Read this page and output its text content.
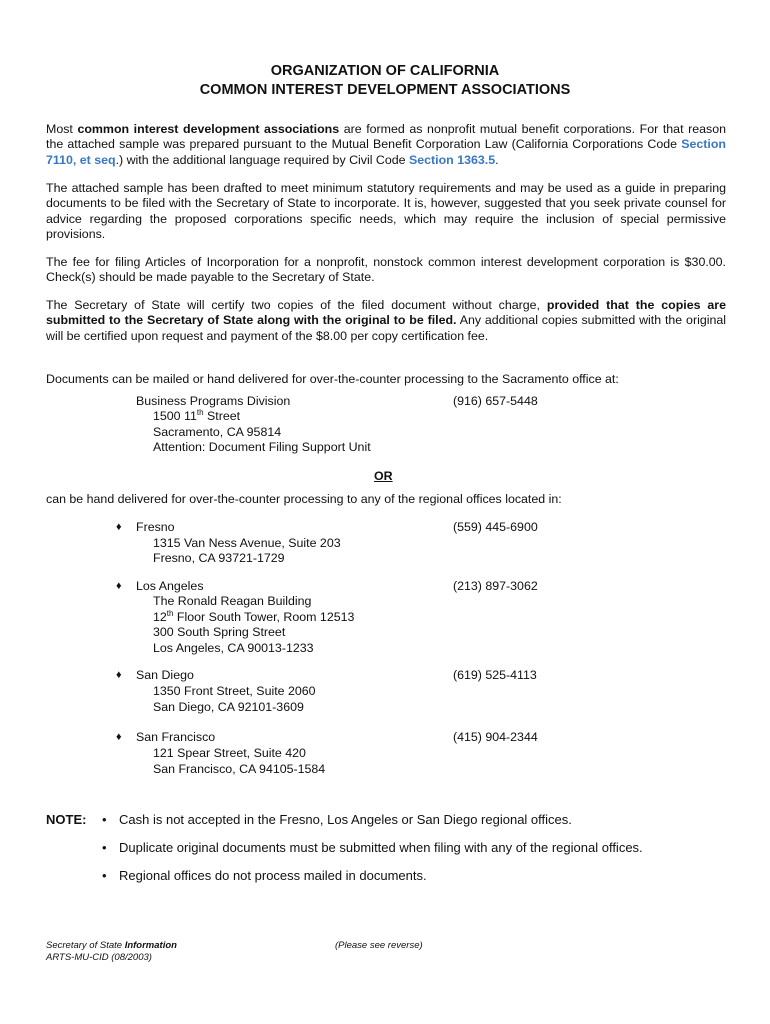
ORGANIZATION OF CALIFORNIA
COMMON INTEREST DEVELOPMENT ASSOCIATIONS

Most common interest development associations are formed as nonprofit mutual benefit corporations. For that reason the attached sample was prepared pursuant to the Mutual Benefit Corporation Law (California Corporations Code Section 7110, et seq.) with the additional language required by Civil Code Section 1363.5.

The attached sample has been drafted to meet minimum statutory requirements and may be used as a guide in preparing documents to be filed with the Secretary of State to incorporate. It is, however, suggested that you seek private counsel for advice regarding the proposed corporations specific needs, which may require the inclusion of special permissive provisions.

The fee for filing Articles of Incorporation for a nonprofit, nonstock common interest development corporation is $30.00. Check(s) should be made payable to the Secretary of State.

The Secretary of State will certify two copies of the filed document without charge, provided that the copies are submitted to the Secretary of State along with the original to be filed. Any additional copies submitted with the original will be certified upon request and payment of the $8.00 per copy certification fee.

Documents can be mailed or hand delivered for over-the-counter processing to the Sacramento office at:
Business Programs Division	(916) 657-5448
1500 11th Street
Sacramento, CA 95814
Attention: Document Filing Support Unit
OR
can be hand delivered for over-the-counter processing to any of the regional offices located in:
♦ Fresno	(559) 445-6900
1315 Van Ness Avenue, Suite 203
Fresno, CA 93721-1729
♦ Los Angeles	(213) 897-3062
The Ronald Reagan Building
12th Floor South Tower, Room 12513
300 South Spring Street
Los Angeles, CA 90013-1233
♦ San Diego	(619) 525-4113
1350 Front Street, Suite 2060
San Diego, CA 92101-3609
♦ San Francisco	(415) 904-2344
121 Spear Street, Suite 420
San Francisco, CA 94105-1584
NOTE: • Cash is not accepted in the Fresno, Los Angeles or San Diego regional offices.
• Duplicate original documents must be submitted when filing with any of the regional offices.
• Regional offices do not process mailed in documents.
Secretary of State Information
ARTS-MU-CID (08/2003)
(Please see reverse)
